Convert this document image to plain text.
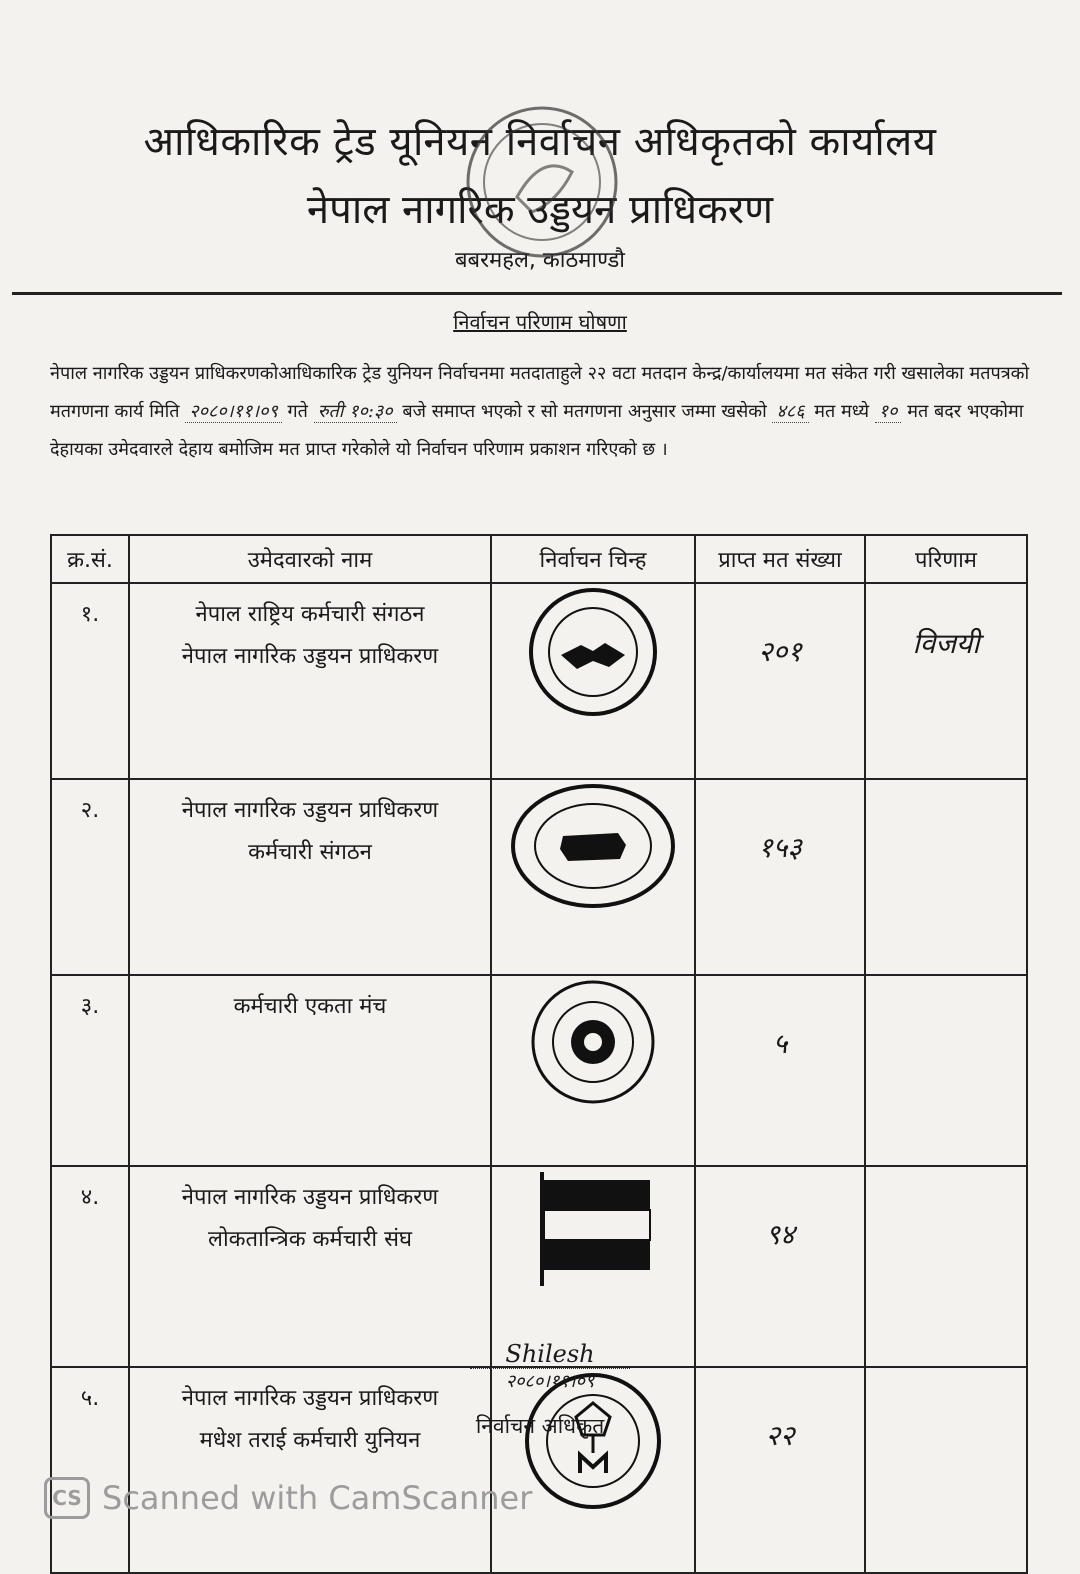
आधिकारिक ट्रेड यूनियन निर्वाचन अधिकृतको कार्यालय
नेपाल नागरिक उड्डयन प्राधिकरण
बबरमहल, काठमाण्डौ
निर्वाचन परिणाम घोषणा
नेपाल नागरिक उड्डयन प्राधिकरणकोआधिकारिक ट्रेड युनियन निर्वाचनमा मतदाताहुले २२ वटा मतदान केन्द्र/कार्यालयमा मत संकेत गरी खसालेका मतपत्रको मतगणना कार्य मिति २०८०।११।०९ गते रुती १०:३० बजे समाप्त भएको र सो मतगणना अनुसार जम्मा खसेको ४८६ मत मध्ये १० मत बदर भएकोमा देहायका उमेदवारले देहाय बमोजिम मत प्राप्त गरेकोले यो निर्वाचन परिणाम प्रकाशन गरिएको छ ।
क्र.सं.	उमेदवारको नाम	निर्वाचन चिन्ह	प्राप्त मत संख्या	परिणाम
१.	नेपाल राष्ट्रिय कर्मचारी संगठन
नेपाल नागरिक उड्डयन प्राधिकरण		२०१	विजयी
२.	नेपाल नागरिक उड्डयन प्राधिकरण
कर्मचारी संगठन		१५३	
३.	कर्मचारी एकता मंच		५	
४.	नेपाल नागरिक उड्डयन प्राधिकरण
लोकतान्त्रिक कर्मचारी संघ		९४	
५.	नेपाल नागरिक उड्डयन प्राधिकरण
मधेश तराई कर्मचारी युनियन		२२	
Shilesh
२०८०।११।०९
निर्वाचन अधिकृत
CS Scanned with CamScanner
